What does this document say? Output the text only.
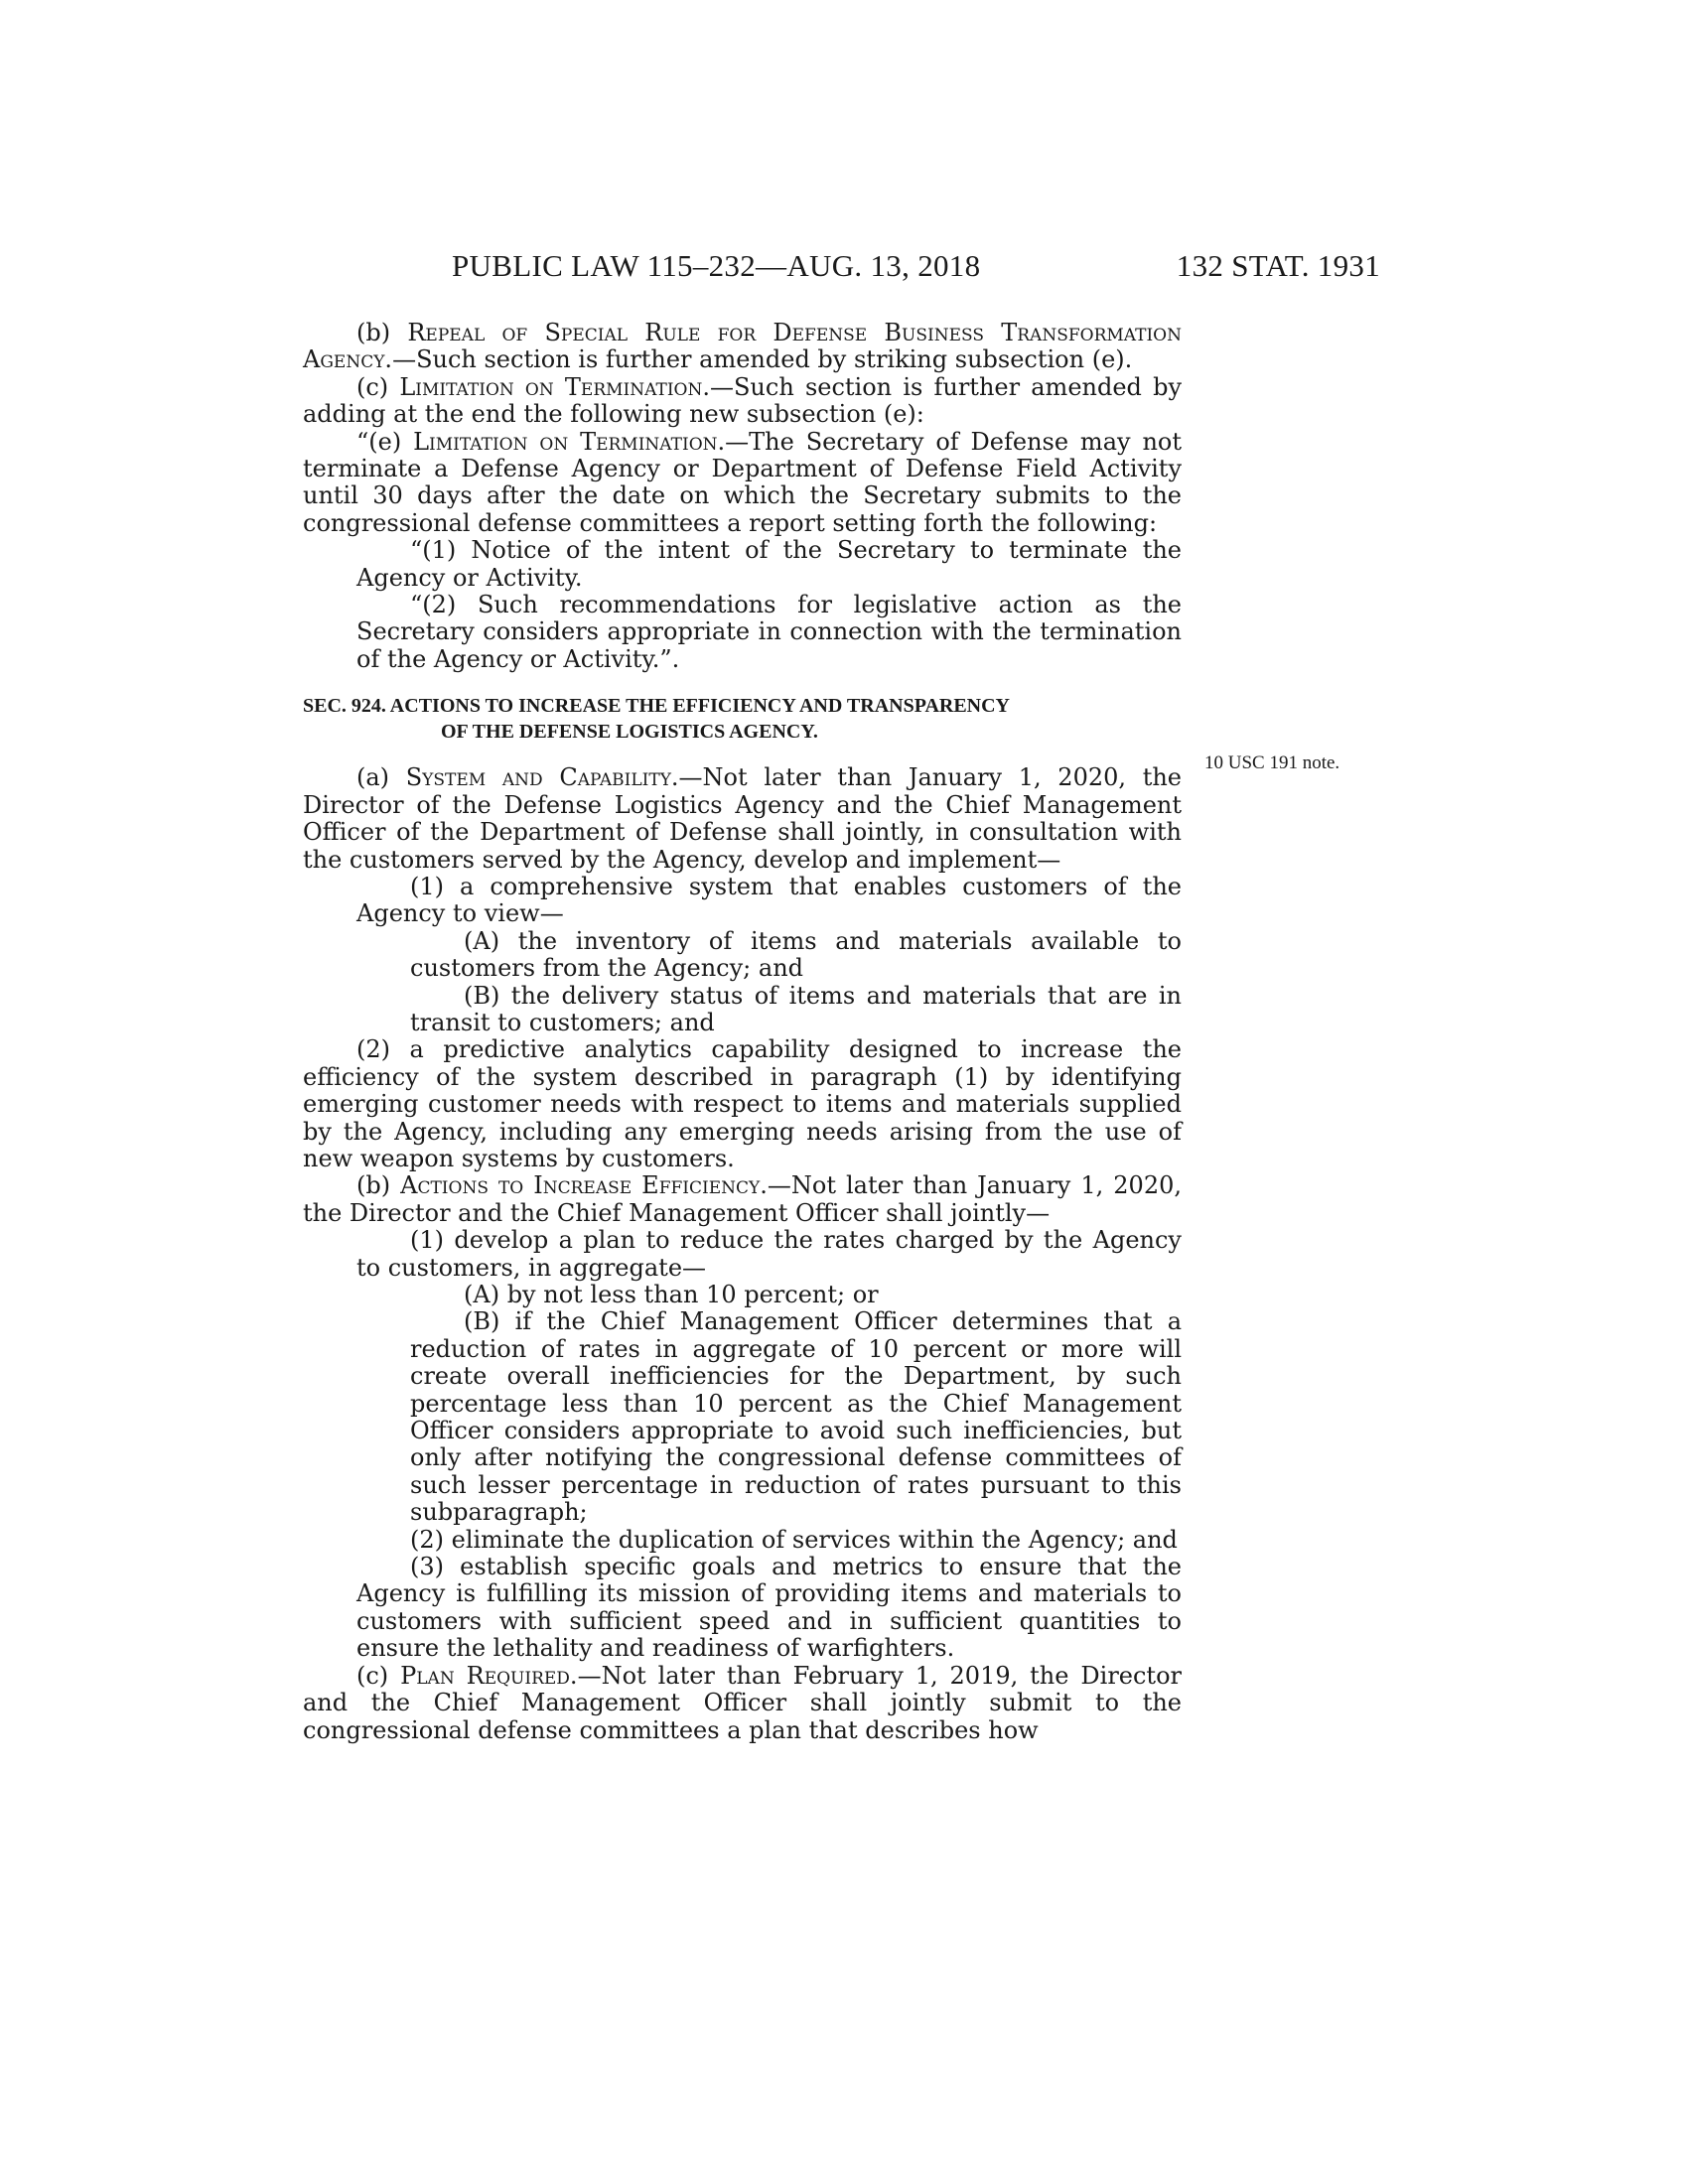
PUBLIC LAW 115–232—AUG. 13, 2018	132 STAT. 1931
10 USC 191 note.

(b) Repeal of Special Rule for Defense Business Transformation Agency.—Such section is further amended by striking subsection (e).

(c) Limitation on Termination.—Such section is further amended by adding at the end the following new subsection (e):

“(e) Limitation on Termination.—The Secretary of Defense may not terminate a Defense Agency or Department of Defense Field Activity until 30 days after the date on which the Secretary submits to the congressional defense committees a report setting forth the following:

“(1) Notice of the intent of the Secretary to terminate the Agency or Activity.

“(2) Such recommendations for legislative action as the Secretary considers appropriate in connection with the termination of the Agency or Activity.”.

SEC. 924. ACTIONS TO INCREASE THE EFFICIENCY AND TRANSPARENCY
OF THE DEFENSE LOGISTICS AGENCY.

(a) System and Capability.—Not later than January 1, 2020, the Director of the Defense Logistics Agency and the Chief Management Officer of the Department of Defense shall jointly, in consultation with the customers served by the Agency, develop and implement—

(1) a comprehensive system that enables customers of the Agency to view—

(A) the inventory of items and materials available to customers from the Agency; and

(B) the delivery status of items and materials that are in transit to customers; and

(2) a predictive analytics capability designed to increase the efficiency of the system described in paragraph (1) by identifying emerging customer needs with respect to items and materials supplied by the Agency, including any emerging needs arising from the use of new weapon systems by customers.

(b) Actions to Increase Efficiency.—Not later than January 1, 2020, the Director and the Chief Management Officer shall jointly—

(1) develop a plan to reduce the rates charged by the Agency to customers, in aggregate—

(A) by not less than 10 percent; or

(B) if the Chief Management Officer determines that a reduction of rates in aggregate of 10 percent or more will create overall inefficiencies for the Department, by such percentage less than 10 percent as the Chief Management Officer considers appropriate to avoid such inefficiencies, but only after notifying the congressional defense committees of such lesser percentage in reduction of rates pursuant to this subparagraph;

(2) eliminate the duplication of services within the Agency; and

(3) establish specific goals and metrics to ensure that the Agency is fulfilling its mission of providing items and materials to customers with sufficient speed and in sufficient quantities to ensure the lethality and readiness of warfighters.

(c) Plan Required.—Not later than February 1, 2019, the Director and the Chief Management Officer shall jointly submit to the congressional defense committees a plan that describes how
